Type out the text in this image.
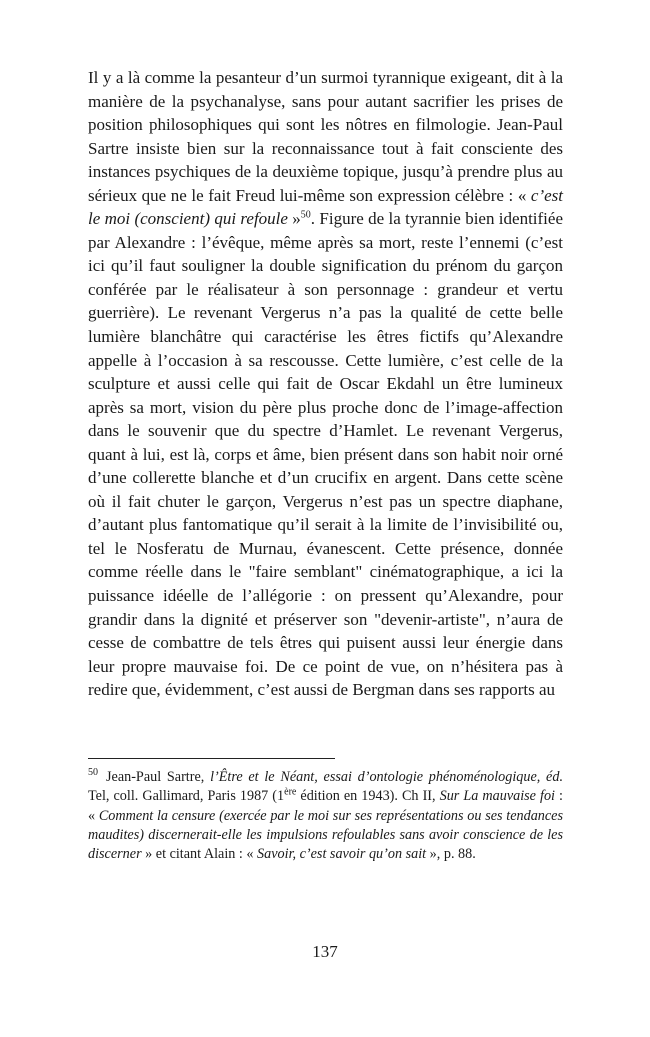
Il y a là comme la pesanteur d’un surmoi tyrannique exigeant, dit à la manière de la psychanalyse, sans pour autant sacrifier les prises de position philosophiques qui sont les nôtres en filmologie. Jean-Paul Sartre insiste bien sur la reconnaissance tout à fait consciente des instances psychiques de la deuxième topique, jusqu’à prendre plus au sérieux que ne le fait Freud lui-même son expression célèbre : « c’est le moi (conscient) qui refoule »$^{50}$. Figure de la tyrannie bien identifiée par Alexandre : l’évêque, même après sa mort, reste l’ennemi (c’est ici qu’il faut souligner la double signification du prénom du garçon conférée par le réalisateur à son personnage : grandeur et vertu guerrière). Le revenant Vergerus n’a pas la qualité de cette belle lumière blanchâtre qui caractérise les êtres fictifs qu’Alexandre appelle à l’occasion à sa rescousse. Cette lumière, c’est celle de la sculpture et aussi celle qui fait de Oscar Ekdahl un être lumineux après sa mort, vision du père plus proche donc de l’image-affection dans le souvenir que du spectre d’Hamlet. Le revenant Vergerus, quant à lui, est là, corps et âme, bien présent dans son habit noir orné d’une collerette blanche et d’un crucifix en argent. Dans cette scène où il fait chuter le garçon, Vergerus n’est pas un spectre diaphane, d’autant plus fantomatique qu’il serait à la limite de l’invisibilité ou, tel le Nosferatu de Murnau, évanescent. Cette présence, donnée comme réelle dans le "faire semblant" cinématographique, a ici la puissance idéelle de l’allégorie : on pressent qu’Alexandre, pour grandir dans la dignité et préserver son "devenir-artiste", n’aura de cesse de combattre de tels êtres qui puisent aussi leur énergie dans leur propre mauvaise foi. De ce point de vue, on n’hésitera pas à redire que, évidemment, c’est aussi de Bergman dans ses rapports au

$^{50}$ Jean-Paul Sartre, l’Être et le Néant, essai d’ontologie phénoménologique, éd. Tel, coll. Gallimard, Paris 1987 (1ère édition en 1943). Ch II, Sur La mauvaise foi : « Comment la censure (exercée par le moi sur ses représentations ou ses tendances maudites) discernerait-elle les impulsions refoulables sans avoir conscience de les discerner » et citant Alain : « Savoir, c’est savoir qu’on sait », p. 88.

137
